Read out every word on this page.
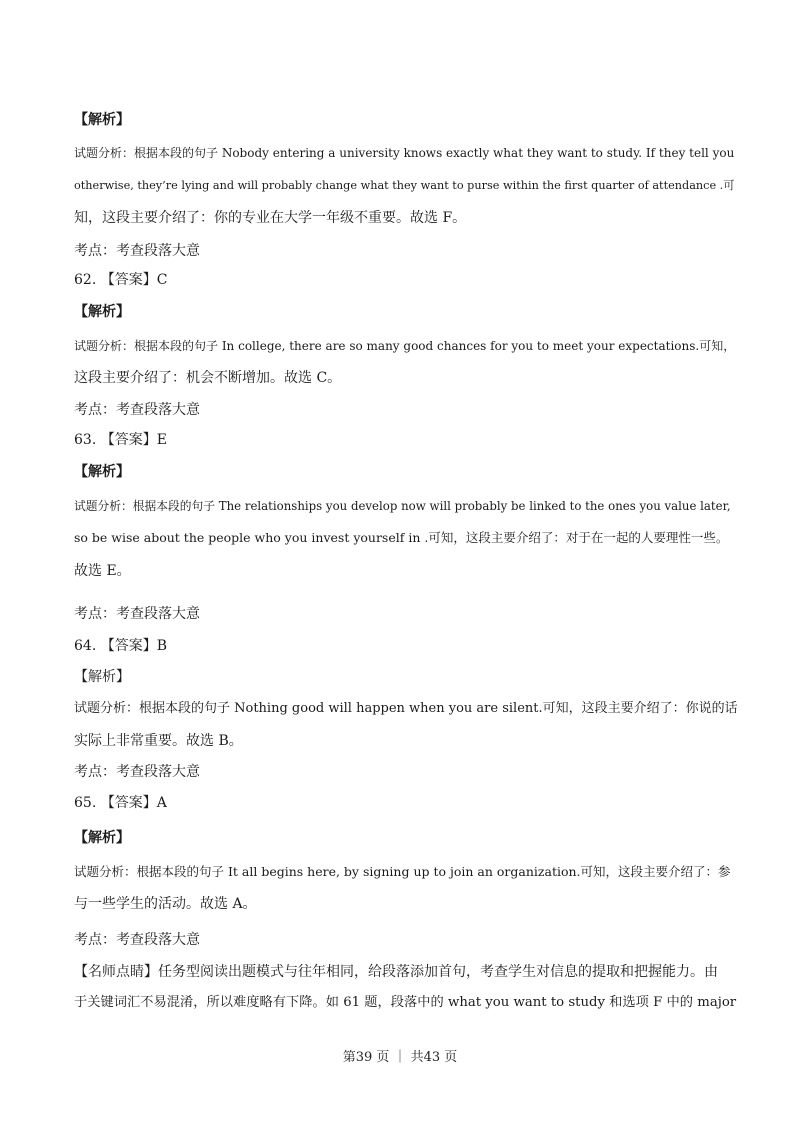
【解析】
试题分析：根据本段的句子 Nobody entering a university knows exactly what they want to study. If they tell you
otherwise, they’re lying and will probably change what they want to purse within the first quarter of attendance .可
知，这段主要介绍了：你的专业在大学一年级不重要。故选 F。
考点：考查段落大意
62. 【答案】C
【解析】
试题分析：根据本段的句子 In college, there are so many good chances for you to meet your expectations.可知，
这段主要介绍了：机会不断增加。故选 C。
考点：考查段落大意
63. 【答案】E
【解析】
试题分析：根据本段的句子 The relationships you develop now will probably be linked to the ones you value later,
so be wise about the people who you invest yourself in .可知，这段主要介绍了：对于在一起的人要理性一些。
故选 E。
考点：考查段落大意
64. 【答案】B
【解析】
试题分析：根据本段的句子 Nothing good will happen when you are silent.可知，这段主要介绍了：你说的话
实际上非常重要。故选 B。
考点：考查段落大意
65. 【答案】A
【解析】
试题分析：根据本段的句子 It all begins here, by signing up to join an organization.可知，这段主要介绍了：参
与一些学生的活动。故选 A。
考点：考查段落大意
【名师点睛】任务型阅读出题模式与往年相同，给段落添加首句，考查学生对信息的提取和把握能力。由
于关键词汇不易混淆，所以难度略有下降。如 61 题，段落中的 what you want to study 和选项 F 中的 major
第39 页 ｜ 共43 页
